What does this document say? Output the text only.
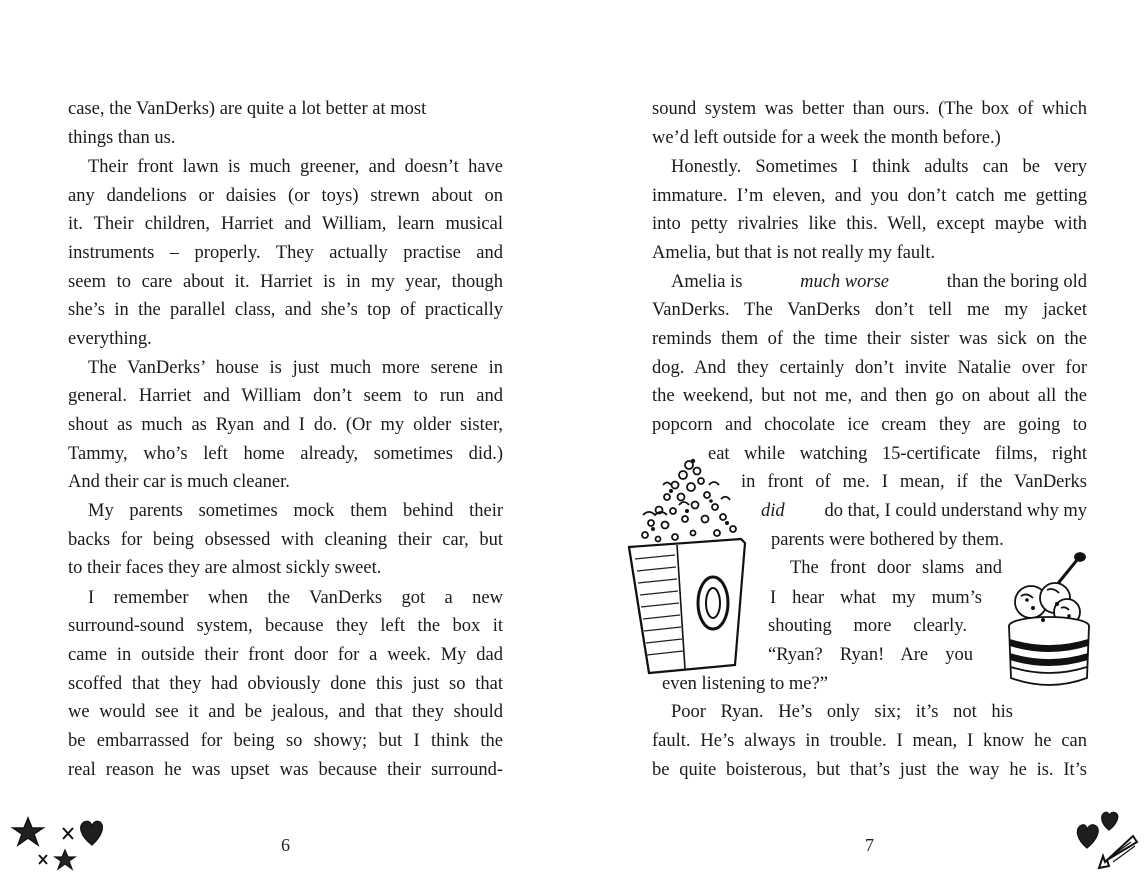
case, the VanDerks) are quite a lot better at most
things than us.
Their front lawn is much greener, and doesn’t have
any dandelions or daisies (or toys) strewn about on
it. Their children, Harriet and William, learn musical
instruments – properly. They actually practise and
seem to care about it. Harriet is in my year, though
she’s in the parallel class, and she’s top of practically
everything.
The VanDerks’ house is just much more serene in
general. Harriet and William don’t seem to run and
shout as much as Ryan and I do. (Or my older sister,
Tammy, who’s left home already, sometimes did.)
And their car is much cleaner.
My parents sometimes mock them behind their
backs for being obsessed with cleaning their car, but
to their faces they are almost sickly sweet.
I remember when the VanDerks got a new
surround-sound system, because they left the box it
came in outside their front door for a week. My dad
scoffed that they had obviously done this just so that
we would see it and be jealous, and that they should
be embarrassed for being so showy; but I think the
real reason he was upset was because their surround-
6
sound system was better than ours. (The box of which
we’d left outside for a week the month before.)
Honestly. Sometimes I think adults can be very
immature. I’m eleven, and you don’t catch me getting
into petty rivalries like this. Well, except maybe with
Amelia, but that is not really my fault.
Amelia is	much worse	than the boring old
VanDerks. The VanDerks don’t tell me my jacket
reminds them of the time their sister was sick on the
dog. And they certainly don’t invite Natalie over for
the weekend, but not me, and then go on about all the
popcorn and chocolate ice cream they are going to
eat while watching 15-certificate films, right
in front of me. I mean, if the VanDerks
did do that, I could understand why my
parents were bothered by them.
The front door slams and
I hear what my mum’s
shouting more clearly.
“Ryan? Ryan! Are you
even listening to me?”
Poor Ryan. He’s only six; it’s not his
fault. He’s always in trouble. I mean, I know he can
be quite boisterous, but that’s just the way he is. It’s
7
